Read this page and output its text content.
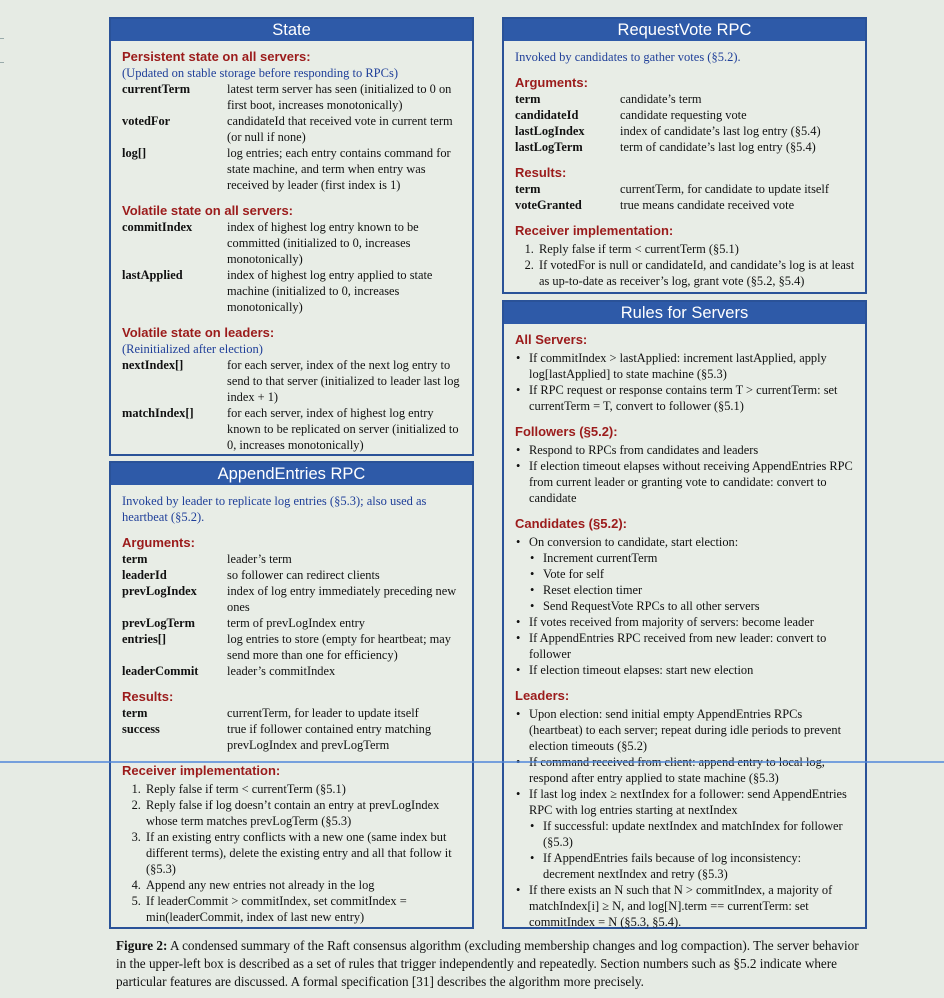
State
Persistent state on all servers:
(Updated on stable storage before responding to RPCs)
currentTerm	latest term server has seen (initialized to 0 on first boot, increases monotonically)
votedFor	candidateId that received vote in current term (or null if none)
log[]	log entries; each entry contains command for state machine, and term when entry was received by leader (first index is 1)
Volatile state on all servers:
commitIndex	index of highest log entry known to be committed (initialized to 0, increases monotonically)
lastApplied	index of highest log entry applied to state machine (initialized to 0, increases monotonically)
Volatile state on leaders:
(Reinitialized after election)
nextIndex[]	for each server, index of the next log entry to send to that server (initialized to leader last log index + 1)
matchIndex[]	for each server, index of highest log entry known to be replicated on server (initialized to 0, increases monotonically)
AppendEntries RPC
Invoked by leader to replicate log entries (§5.3); also used as heartbeat (§5.2).
Arguments:
term	leader’s term
leaderId	so follower can redirect clients
prevLogIndex	index of log entry immediately preceding new ones
prevLogTerm	term of prevLogIndex entry
entries[]	log entries to store (empty for heartbeat; may send more than one for efficiency)
leaderCommit	leader’s commitIndex
Results:
term	currentTerm, for leader to update itself
success	true if follower contained entry matching prevLogIndex and prevLogTerm
Receiver implementation:
1. Reply false if term < currentTerm (§5.1)
2. Reply false if log doesn’t contain an entry at prevLogIndex whose term matches prevLogTerm (§5.3)
3. If an existing entry conflicts with a new one (same index but different terms), delete the existing entry and all that follow it (§5.3)
4. Append any new entries not already in the log
5. If leaderCommit > commitIndex, set commitIndex = min(leaderCommit, index of last new entry)
RequestVote RPC
Invoked by candidates to gather votes (§5.2).
Arguments:
term	candidate’s term
candidateId	candidate requesting vote
lastLogIndex	index of candidate’s last log entry (§5.4)
lastLogTerm	term of candidate’s last log entry (§5.4)
Results:
term	currentTerm, for candidate to update itself
voteGranted	true means candidate received vote
Receiver implementation:
1. Reply false if term < currentTerm (§5.1)
2. If votedFor is null or candidateId, and candidate’s log is at least as up-to-date as receiver’s log, grant vote (§5.2, §5.4)
Rules for Servers
All Servers:
• If commitIndex > lastApplied: increment lastApplied, apply log[lastApplied] to state machine (§5.3)
• If RPC request or response contains term T > currentTerm: set currentTerm = T, convert to follower (§5.1)
Followers (§5.2):
• Respond to RPCs from candidates and leaders
• If election timeout elapses without receiving AppendEntries RPC from current leader or granting vote to candidate: convert to candidate
Candidates (§5.2):
• On conversion to candidate, start election:
• Increment currentTerm
• Vote for self
• Reset election timer
• Send RequestVote RPCs to all other servers
• If votes received from majority of servers: become leader
• If AppendEntries RPC received from new leader: convert to follower
• If election timeout elapses: start new election
Leaders:
• Upon election: send initial empty AppendEntries RPCs (heartbeat) to each server; repeat during idle periods to prevent election timeouts (§5.2)
• respond after entry applied to state machine (§5.3)
• If last log index ≥ nextIndex for a follower: send AppendEntries RPC with log entries starting at nextIndex
• If successful: update nextIndex and matchIndex for follower (§5.3)
• If AppendEntries fails because of log inconsistency: decrement nextIndex and retry (§5.3)
• If there exists an N such that N > commitIndex, a majority of matchIndex[i] ≥ N, and log[N].term == currentTerm: set commitIndex = N (§5.3, §5.4).
Figure 2: A condensed summary of the Raft consensus algorithm (excluding membership changes and log compaction). The server behavior in the upper-left box is described as a set of rules that trigger independently and repeatedly. Section numbers such as §5.2 indicate where particular features are discussed. A formal specification [31] describes the algorithm more precisely.
